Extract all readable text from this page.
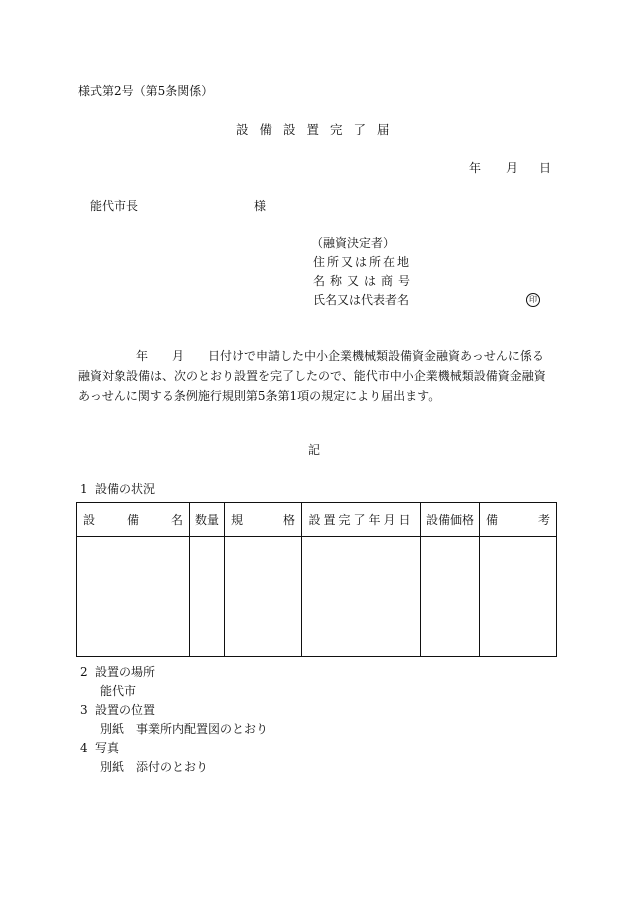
様式第2号（第5条関係）
設備設置完了届
年 月 日
能代市長	様
（融資決定者）
住所又は所在地
名称又は商号
氏名又は代表者名	印
年 月	日付けで申請した中小企業機械類設備資金融資あっせんに係る融資対象設備は、次のとおり設置を完了したので、能代市中小企業機械類設備資金融資あっせんに関する条例施行規則第5条第1項の規定により届出ます。
記
1 設備の状況
設 備 名	数量	規 格	設置完了年月日	設備価格	備 考

2 設置の場所
能代市
3 設置の位置
別紙　事業所内配置図のとおり
4 写真
別紙　添付のとおり
